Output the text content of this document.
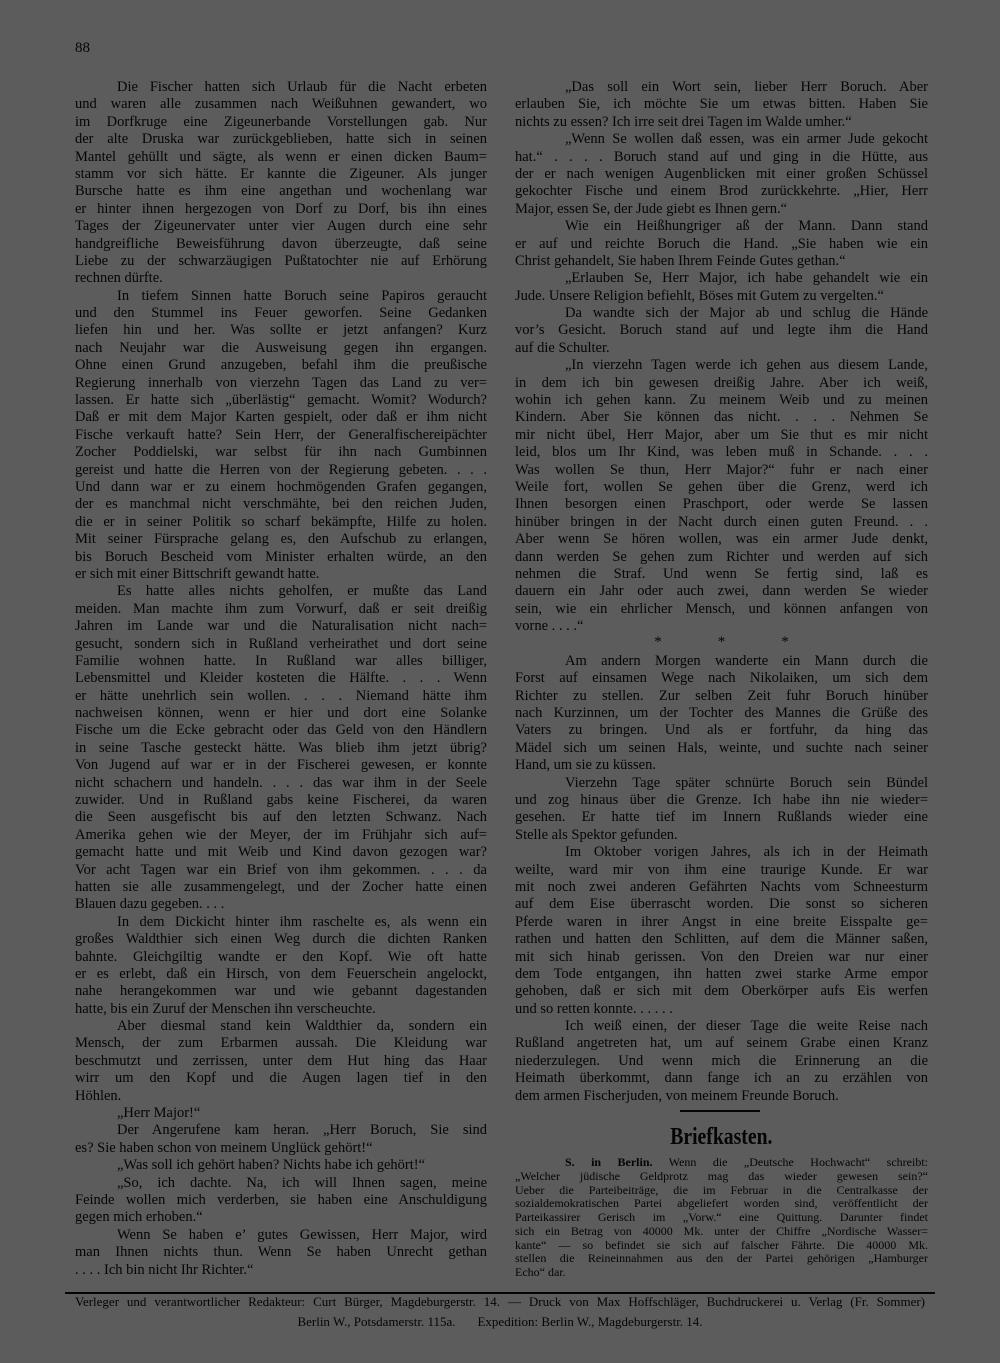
88
Die Fischer hatten sich Urlaub für die Nacht erbeten
und waren alle zusammen nach Weißuhnen gewandert, wo
im Dorfkruge eine Zigeunerbande Vorstellungen gab. Nur
der alte Druska war zurückgeblieben, hatte sich in seinen
Mantel gehüllt und sägte, als wenn er einen dicken Baum=
stamm vor sich hätte. Er kannte die Zigeuner. Als junger
Bursche hatte es ihm eine angethan und wochenlang war
er hinter ihnen hergezogen von Dorf zu Dorf, bis ihn eines
Tages der Zigeunervater unter vier Augen durch eine sehr
handgreifliche Beweisführung davon überzeugte, daß seine
Liebe zu der schwarzäugigen Pußtatochter nie auf Erhörung
rechnen dürfte.
In tiefem Sinnen hatte Boruch seine Papiros geraucht
und den Stummel ins Feuer geworfen. Seine Gedanken
liefen hin und her. Was sollte er jetzt anfangen? Kurz
nach Neujahr war die Ausweisung gegen ihn ergangen.
Ohne einen Grund anzugeben, befahl ihm die preußische
Regierung innerhalb von vierzehn Tagen das Land zu ver=
lassen. Er hatte sich „überlästig“ gemacht. Womit? Wodurch?
Daß er mit dem Major Karten gespielt, oder daß er ihm nicht
Fische verkauft hatte? Sein Herr, der Generalfischereipächter
Zocher Poddielski, war selbst für ihn nach Gumbinnen
gereist und hatte die Herren von der Regierung gebeten. . . .
Und dann war er zu einem hochmögenden Grafen gegangen,
der es manchmal nicht verschmähte, bei den reichen Juden,
die er in seiner Politik so scharf bekämpfte, Hilfe zu holen.
Mit seiner Fürsprache gelang es, den Aufschub zu erlangen,
bis Boruch Bescheid vom Minister erhalten würde, an den
er sich mit einer Bittschrift gewandt hatte.
Es hatte alles nichts geholfen, er mußte das Land
meiden. Man machte ihm zum Vorwurf, daß er seit dreißig
Jahren im Lande war und die Naturalisation nicht nach=
gesucht, sondern sich in Rußland verheirathet und dort seine
Familie wohnen hatte. In Rußland war alles billiger,
Lebensmittel und Kleider kosteten die Hälfte. . . . Wenn
er hätte unehrlich sein wollen. . . . Niemand hätte ihm
nachweisen können, wenn er hier und dort eine Solanke
Fische um die Ecke gebracht oder das Geld von den Händlern
in seine Tasche gesteckt hätte. Was blieb ihm jetzt übrig?
Von Jugend auf war er in der Fischerei gewesen, er konnte
nicht schachern und handeln. . . . das war ihm in der Seele
zuwider. Und in Rußland gabs keine Fischerei, da waren
die Seen ausgefischt bis auf den letzten Schwanz. Nach
Amerika gehen wie der Meyer, der im Frühjahr sich auf=
gemacht hatte und mit Weib und Kind davon gezogen war?
Vor acht Tagen war ein Brief von ihm gekommen. . . . da
hatten sie alle zusammengelegt, und der Zocher hatte einen
Blauen dazu gegeben. . . .
In dem Dickicht hinter ihm raschelte es, als wenn ein
großes Waldthier sich einen Weg durch die dichten Ranken
bahnte. Gleichgiltig wandte er den Kopf. Wie oft hatte
er es erlebt, daß ein Hirsch, von dem Feuerschein angelockt,
nahe herangekommen war und wie gebannt dagestanden
hatte, bis ein Zuruf der Menschen ihn verscheuchte.
Aber diesmal stand kein Waldthier da, sondern ein
Mensch, der zum Erbarmen aussah. Die Kleidung war
beschmutzt und zerrissen, unter dem Hut hing das Haar
wirr um den Kopf und die Augen lagen tief in den
Höhlen.
„Herr Major!“
Der Angerufene kam heran. „Herr Boruch, Sie sind
es? Sie haben schon von meinem Unglück gehört!“
„Was soll ich gehört haben? Nichts habe ich gehört!“
„So, ich dachte. Na, ich will Ihnen sagen, meine
Feinde wollen mich verderben, sie haben eine Anschuldigung
gegen mich erhoben.“
Wenn Se haben e’ gutes Gewissen, Herr Major, wird
man Ihnen nichts thun. Wenn Se haben Unrecht gethan
. . . . Ich bin nicht Ihr Richter.“
„Das soll ein Wort sein, lieber Herr Boruch. Aber
erlauben Sie, ich möchte Sie um etwas bitten. Haben Sie
nichts zu essen? Ich irre seit drei Tagen im Walde umher.“
„Wenn Se wollen daß essen, was ein armer Jude gekocht
hat.“ . . . . Boruch stand auf und ging in die Hütte, aus
der er nach wenigen Augenblicken mit einer großen Schüssel
gekochter Fische und einem Brod zurückkehrte. „Hier, Herr
Major, essen Se, der Jude giebt es Ihnen gern.“
Wie ein Heißhungriger aß der Mann. Dann stand
er auf und reichte Boruch die Hand. „Sie haben wie ein
Christ gehandelt, Sie haben Ihrem Feinde Gutes gethan.“
„Erlauben Se, Herr Major, ich habe gehandelt wie ein
Jude. Unsere Religion befiehlt, Böses mit Gutem zu vergelten.“
Da wandte sich der Major ab und schlug die Hände
vor’s Gesicht. Boruch stand auf und legte ihm die Hand
auf die Schulter.
„In vierzehn Tagen werde ich gehen aus diesem Lande,
in dem ich bin gewesen dreißig Jahre. Aber ich weiß,
wohin ich gehen kann. Zu meinem Weib und zu meinen
Kindern. Aber Sie können das nicht. . . . Nehmen Se
mir nicht übel, Herr Major, aber um Sie thut es mir nicht
leid, blos um Ihr Kind, was leben muß in Schande. . . .
Was wollen Se thun, Herr Major?“ fuhr er nach einer
Weile fort, wollen Se gehen über die Grenz, werd ich
Ihnen besorgen einen Praschport, oder werde Se lassen
hinüber bringen in der Nacht durch einen guten Freund. . .
Aber wenn Se hören wollen, was ein armer Jude denkt,
dann werden Se gehen zum Richter und werden auf sich
nehmen die Straf. Und wenn Se fertig sind, laß es
dauern ein Jahr oder auch zwei, dann werden Se wieder
sein, wie ein ehrlicher Mensch, und können anfangen von
vorne . . . .“
*	*	*
Am andern Morgen wanderte ein Mann durch die
Forst auf einsamen Wege nach Nikolaiken, um sich dem
Richter zu stellen. Zur selben Zeit fuhr Boruch hinüber
nach Kurzinnen, um der Tochter des Mannes die Grüße des
Vaters zu bringen. Und als er fortfuhr, da hing das
Mädel sich um seinen Hals, weinte, und suchte nach seiner
Hand, um sie zu küssen.
Vierzehn Tage später schnürte Boruch sein Bündel
und zog hinaus über die Grenze. Ich habe ihn nie wieder=
gesehen. Er hatte tief im Innern Rußlands wieder eine
Stelle als Spektor gefunden.
Im Oktober vorigen Jahres, als ich in der Heimath
weilte, ward mir von ihm eine traurige Kunde. Er war
mit noch zwei anderen Gefährten Nachts vom Schneesturm
auf dem Eise überrascht worden. Die sonst so sicheren
Pferde waren in ihrer Angst in eine breite Eisspalte ge=
rathen und hatten den Schlitten, auf dem die Männer saßen,
mit sich hinab gerissen. Von den Dreien war nur einer
dem Tode entgangen, ihn hatten zwei starke Arme empor
gehoben, daß er sich mit dem Oberkörper aufs Eis werfen
und so retten konnte. . . . . .
Ich weiß einen, der dieser Tage die weite Reise nach
Rußland angetreten hat, um auf seinem Grabe einen Kranz
niederzulegen. Und wenn mich die Erinnerung an die
Heimath überkommt, dann fange ich an zu erzählen von
dem armen Fischerjuden, von meinem Freunde Boruch.
Briefkasten.
S. in Berlin. Wenn die „Deutsche Hochwacht“ schreibt:
„Welcher jüdische Geldprotz mag das wieder gewesen sein?“
Ueber die Parteibeiträge, die im Februar in die Centralkasse der
sozialdemokratischen Partei abgeliefert worden sind, veröffentlicht der
Parteikassirer Gerisch im „Vorw.“ eine Quittung. Darunter findet
sich ein Betrag von 40000 Mk. unter der Chiffre „Nordische Wasser=
kante“ — so befindet sie sich auf falscher Fährte. Die 40000 Mk.
stellen die Reineinnahmen aus den der Partei gehörigen „Hamburger
Echo“ dar.
Verleger und verantwortlicher Redakteur: Curt Bürger, Magdeburgerstr. 14. — Druck von Max Hoffschläger, Buchdruckerei u. Verlag (Fr. Sommer)
Berlin W., Potsdamerstr. 115a. Expedition: Berlin W., Magdeburgerstr. 14.
